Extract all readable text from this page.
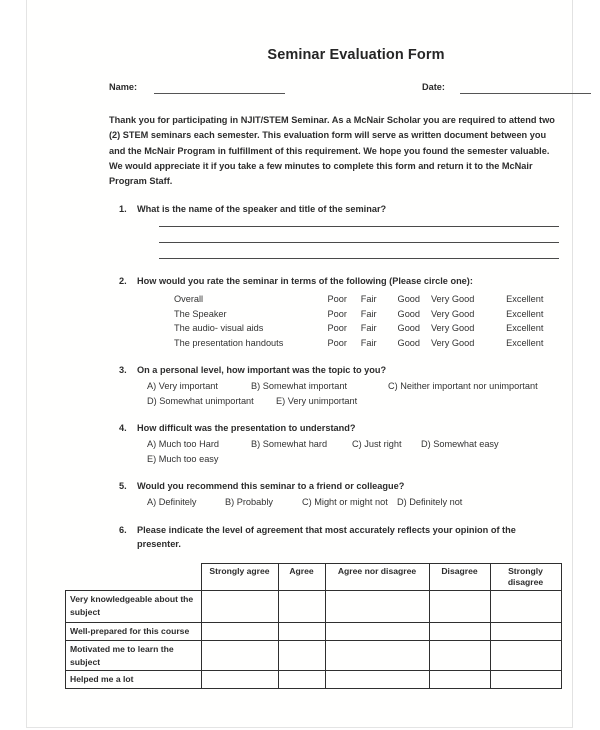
Seminar Evaluation Form
Name:	Date:
Thank you for participating in NJIT/STEM Seminar. As a McNair Scholar you are required to attend two (2) STEM seminars each semester. This evaluation form will serve as written document between you and the McNair Program in fulfillment of this requirement. We hope you found the semester valuable. We would appreciate it if you take a few minutes to complete this form and return it to the McNair Program Staff.
1. What is the name of the speaker and title of the seminar?
2. How would you rate the seminar in terms of the following (Please circle one):
Overall	Poor	Fair	Good	Very Good	Excellent
The Speaker	Poor	Fair	Good	Very Good	Excellent
The audio- visual aids	Poor	Fair	Good	Very Good	Excellent
The presentation handouts	Poor	Fair	Good	Very Good	Excellent
3. On a personal level, how important was the topic to you?
A) Very important	B) Somewhat important	C) Neither important nor unimportant
D) Somewhat unimportant E) Very unimportant
4. How difficult was the presentation to understand?
A) Much too Hard	B) Somewhat hard	C) Just right D) Somewhat easy
E) Much too easy
5. Would you recommend this seminar to a friend or colleague?
A) Definitely	B) Probably	C) Might or might not D) Definitely not
6. Please indicate the level of agreement that most accurately reflects your opinion of the presenter.
	Strongly agree	Agree	Agree nor disagree	Disagree	Strongly disagree
Very knowledgeable about the subject					
Well-prepared for this course					
Motivated me to learn the subject					
Helped me a lot					
